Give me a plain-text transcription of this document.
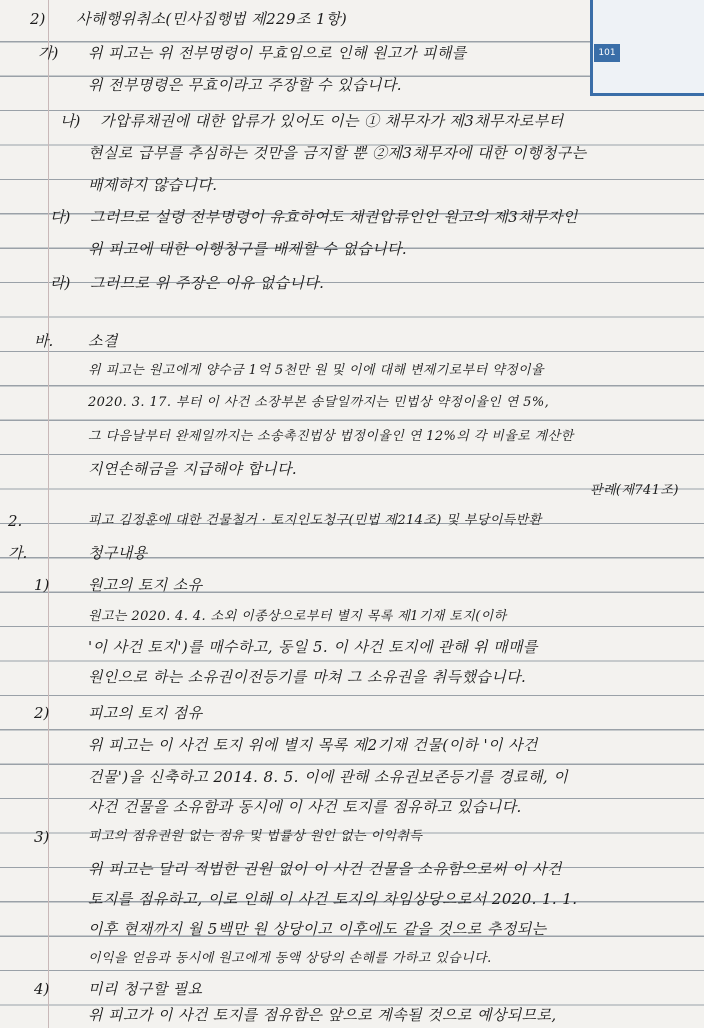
101
2) 사해행위취소(민사집행법 제229조 1항)
가) 위 피고는 위 전부명령이 무효임으로 인해 원고가 피해를
위 전부명령은 무효이라고 주장할 수 있습니다.
나) 가압류채권에 대한 압류가 있어도 이는 ① 채무자가 제3채무자로부터
현실로 급부를 추심하는 것만을 금지할 뿐 ②제3채무자에 대한 이행청구는
배제하지 않습니다.
다) 그러므로 설령 전부명령이 유효하여도 채권압류인인 원고의 제3채무자인
위 피고에 대한 이행청구를 배제할 수 없습니다.
라) 그러므로 위 주장은 이유 없습니다.
바. 소결
위 피고는 원고에게 양수금 1억 5천만 원 및 이에 대해 변제기로부터 약정이율
2020. 3. 17. 부터 이 사건 소장부본 송달일까지는 민법상 약정이율인 연 5%,
그 다음날부터 완제일까지는 소송촉진법상 법정이율인 연 12%의 각 비율로 계산한
지연손해금을 지급해야 합니다.
판례(제741조)
2.	피고 김정훈에 대한 건물철거 · 토지인도청구(민법 제214조) 및 부당이득반환
가.	청구내용
1)	원고의 토지 소유
원고는 2020. 4. 4. 소외 이종상으로부터 별지 목록 제1기재 토지(이하
'이 사건 토지')를 매수하고, 동일 5. 이 사건 토지에 관해 위 매매를
원인으로 하는 소유권이전등기를 마쳐 그 소유권을 취득했습니다.
2)	피고의 토지 점유
위 피고는 이 사건 토지 위에 별지 목록 제2기재 건물(이하 '이 사건
건물')을 신축하고 2014. 8. 5. 이에 관해 소유권보존등기를 경료해, 이
사건 건물을 소유함과 동시에 이 사건 토지를 점유하고 있습니다.
3)	피고의 점유권원 없는 점유 및 법률상 원인 없는 이익취득
위 피고는 달리 적법한 권원 없이 이 사건 건물을 소유함으로써 이 사건
토지를 점유하고, 이로 인해 이 사건 토지의 차임상당으로서 2020. 1. 1.
이후 현재까지 월 5백만 원 상당이고 이후에도 같을 것으로 추정되는
이익을 얻음과 동시에 원고에게 동액 상당의 손해를 가하고 있습니다.
4)	미리 청구할 필요
위 피고가 이 사건 토지를 점유함은 앞으로 계속될 것으로 예상되므로,
